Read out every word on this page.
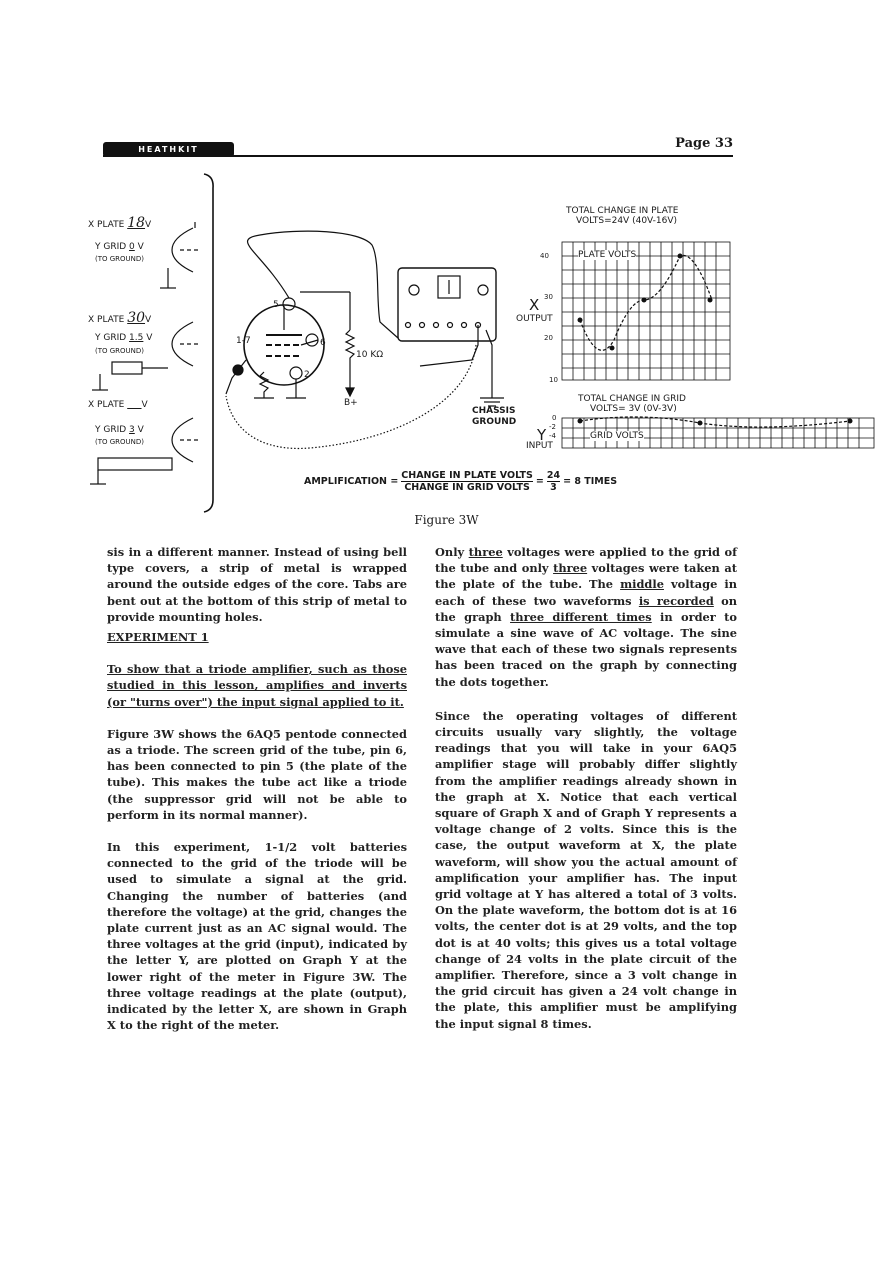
HEATHKIT	Page 33
X PLATE 18V
Y GRID 0 V
(TO GROUND)
X PLATE 30V
Y GRID 1.5 V
(TO GROUND)
X PLATE V
Y GRID 3 V
(TO GROUND)
5
6
1-7
2
10 KΩ
B+
CHASSIS
GROUND
TOTAL CHANGE IN PLATE
VOLTS=24V (40V-16V)
PLATE VOLTS
40
30
20
10
X
OUTPUT
TOTAL CHANGE IN GRID
VOLTS= 3V (0V-3V)
GRID VOLTS
0
-2
-4
Y
INPUT
AMPLIFICATION = $\frac{\text{CHANGE IN PLATE VOLTS}}{\text{CHANGE IN GRID VOLTS}} = \frac{24}{3} = 8$ TIMES
Figure 3W

sis in a different manner. Instead of using bell type covers, a strip of metal is wrapped around the outside edges of the core. Tabs are bent out at the bottom of this strip of metal to provide mounting holes.

EXPERIMENT 1

To show that a triode amplifier, such as those studied in this lesson, amplifies and inverts (or "turns over") the input signal applied to it.

Figure 3W shows the 6AQ5 pentode connected as a triode. The screen grid of the tube, pin 6, has been connected to pin 5 (the plate of the tube). This makes the tube act like a triode (the suppressor grid will not be able to perform in its normal manner).

In this experiment, 1-1/2 volt batteries connected to the grid of the triode will be used to simulate a signal at the grid. Changing the number of batteries (and therefore the voltage) at the grid, changes the plate current just as an AC signal would. The three voltages at the grid (input), indicated by the letter Y, are plotted on Graph Y at the lower right of the meter in Figure 3W. The three voltage readings at the plate (output), indicated by the letter X, are shown in Graph X to the right of the meter.

Only three voltages were applied to the grid of the tube and only three voltages were taken at the plate of the tube. The middle voltage in each of these two waveforms is recorded on the graph three different times in order to simulate a sine wave of AC voltage. The sine wave that each of these two signals represents has been traced on the graph by connecting the dots together.

Since the operating voltages of different circuits usually vary slightly, the voltage readings that you will take in your 6AQ5 amplifier stage will probably differ slightly from the amplifier readings already shown in the graph at X. Notice that each vertical square of Graph X and of Graph Y represents a voltage change of 2 volts. Since this is the case, the output waveform at X, the plate waveform, will show you the actual amount of amplification your amplifier has. The input grid voltage at Y has altered a total of 3 volts. On the plate waveform, the bottom dot is at 16 volts, the center dot is at 29 volts, and the top dot is at 40 volts; this gives us a total voltage change of 24 volts in the plate circuit of the amplifier. Therefore, since a 3 volt change in the grid circuit has given a 24 volt change in the plate, this amplifier must be amplifying the input signal 8 times.
